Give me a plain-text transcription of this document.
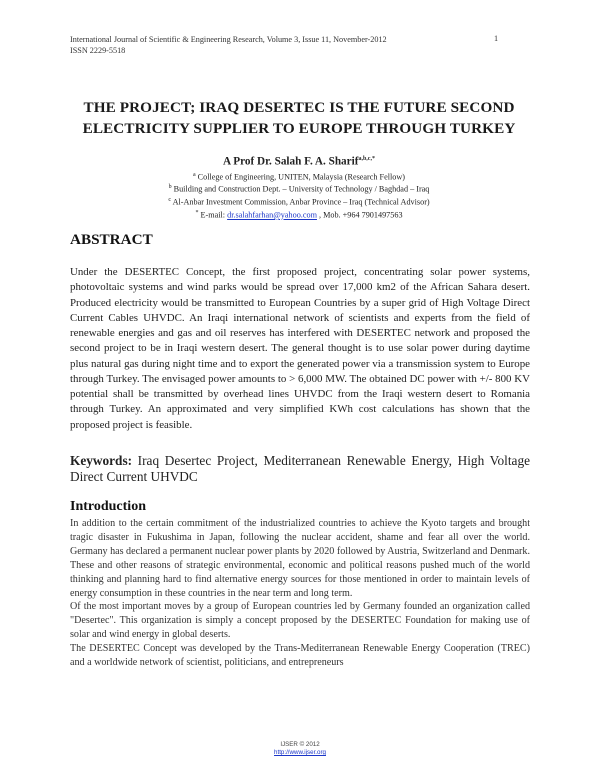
International Journal of Scientific & Engineering Research, Volume 3, Issue 11, November-2012
ISSN 2229-5518
1
THE PROJECT; IRAQ DESERTEC IS THE FUTURE SECOND
ELECTRICITY SUPPLIER TO EUROPE THROUGH TURKEY
A Prof Dr. Salah F. A. Sharif$^{a,b,c,*}$
$^a$ College of Engineering, UNITEN, Malaysia (Research Fellow)
$^b$ Building and Construction Dept. – University of Technology / Baghdad – Iraq
$^c$ Al-Anbar Investment Commission, Anbar Province – Iraq (Technical Advisor)
* E-mail: dr.salahfarhan@yahoo.com , Mob. +964 7901497563
ABSTRACT
Under the DESERTEC Concept, the first proposed project, concentrating solar power systems, photovoltaic systems and wind parks would be spread over 17,000 km2 of the African Sahara desert. Produced electricity would be transmitted to European Countries by a super grid of High Voltage Direct Current Cables UHVDC. An Iraqi international network of scientists and experts from the field of renewable energies and gas and oil reserves has interfered with DESERTEC network and proposed the second project to be in Iraqi western desert. The general thought is to use solar power during daytime plus natural gas during night time and to export the generated power via a transmission system to Europe through Turkey. The envisaged power amounts to > 6,000 MW. The obtained DC power with +/- 800 KV potential shall be transmitted by overhead lines UHVDC from the Iraqi western desert to Romania through Turkey. An approximated and very simplified KWh cost calculations has shown that the proposed project is feasible.
Keywords: Iraq Desertec Project, Mediterranean Renewable Energy, High Voltage Direct Current UHVDC
Introduction

In addition to the certain commitment of the industrialized countries to achieve the Kyoto targets and brought tragic disaster in Fukushima in Japan, following the nuclear accident, shame and fear all over the world. Germany has declared a permanent nuclear power plants by 2020 followed by Austria, Switzerland and Denmark. These and other reasons of strategic environmental, economic and political reasons pushed much of the world thinking and planning hard to find alternative energy sources for those mentioned in order to maintain levels of energy consumption in these countries in the near term and long term.

Of the most important moves by a group of European countries led by Germany founded an organization called "Desertec". This organization is simply a concept proposed by the DESERTEC Foundation for making use of solar and wind energy in global deserts.

The DESERTEC Concept was developed by the Trans-Mediterranean Renewable Energy Cooperation (TREC) and a worldwide network of scientist, politicians, and entrepreneurs

IJSER © 2012
http://www.ijser.org
